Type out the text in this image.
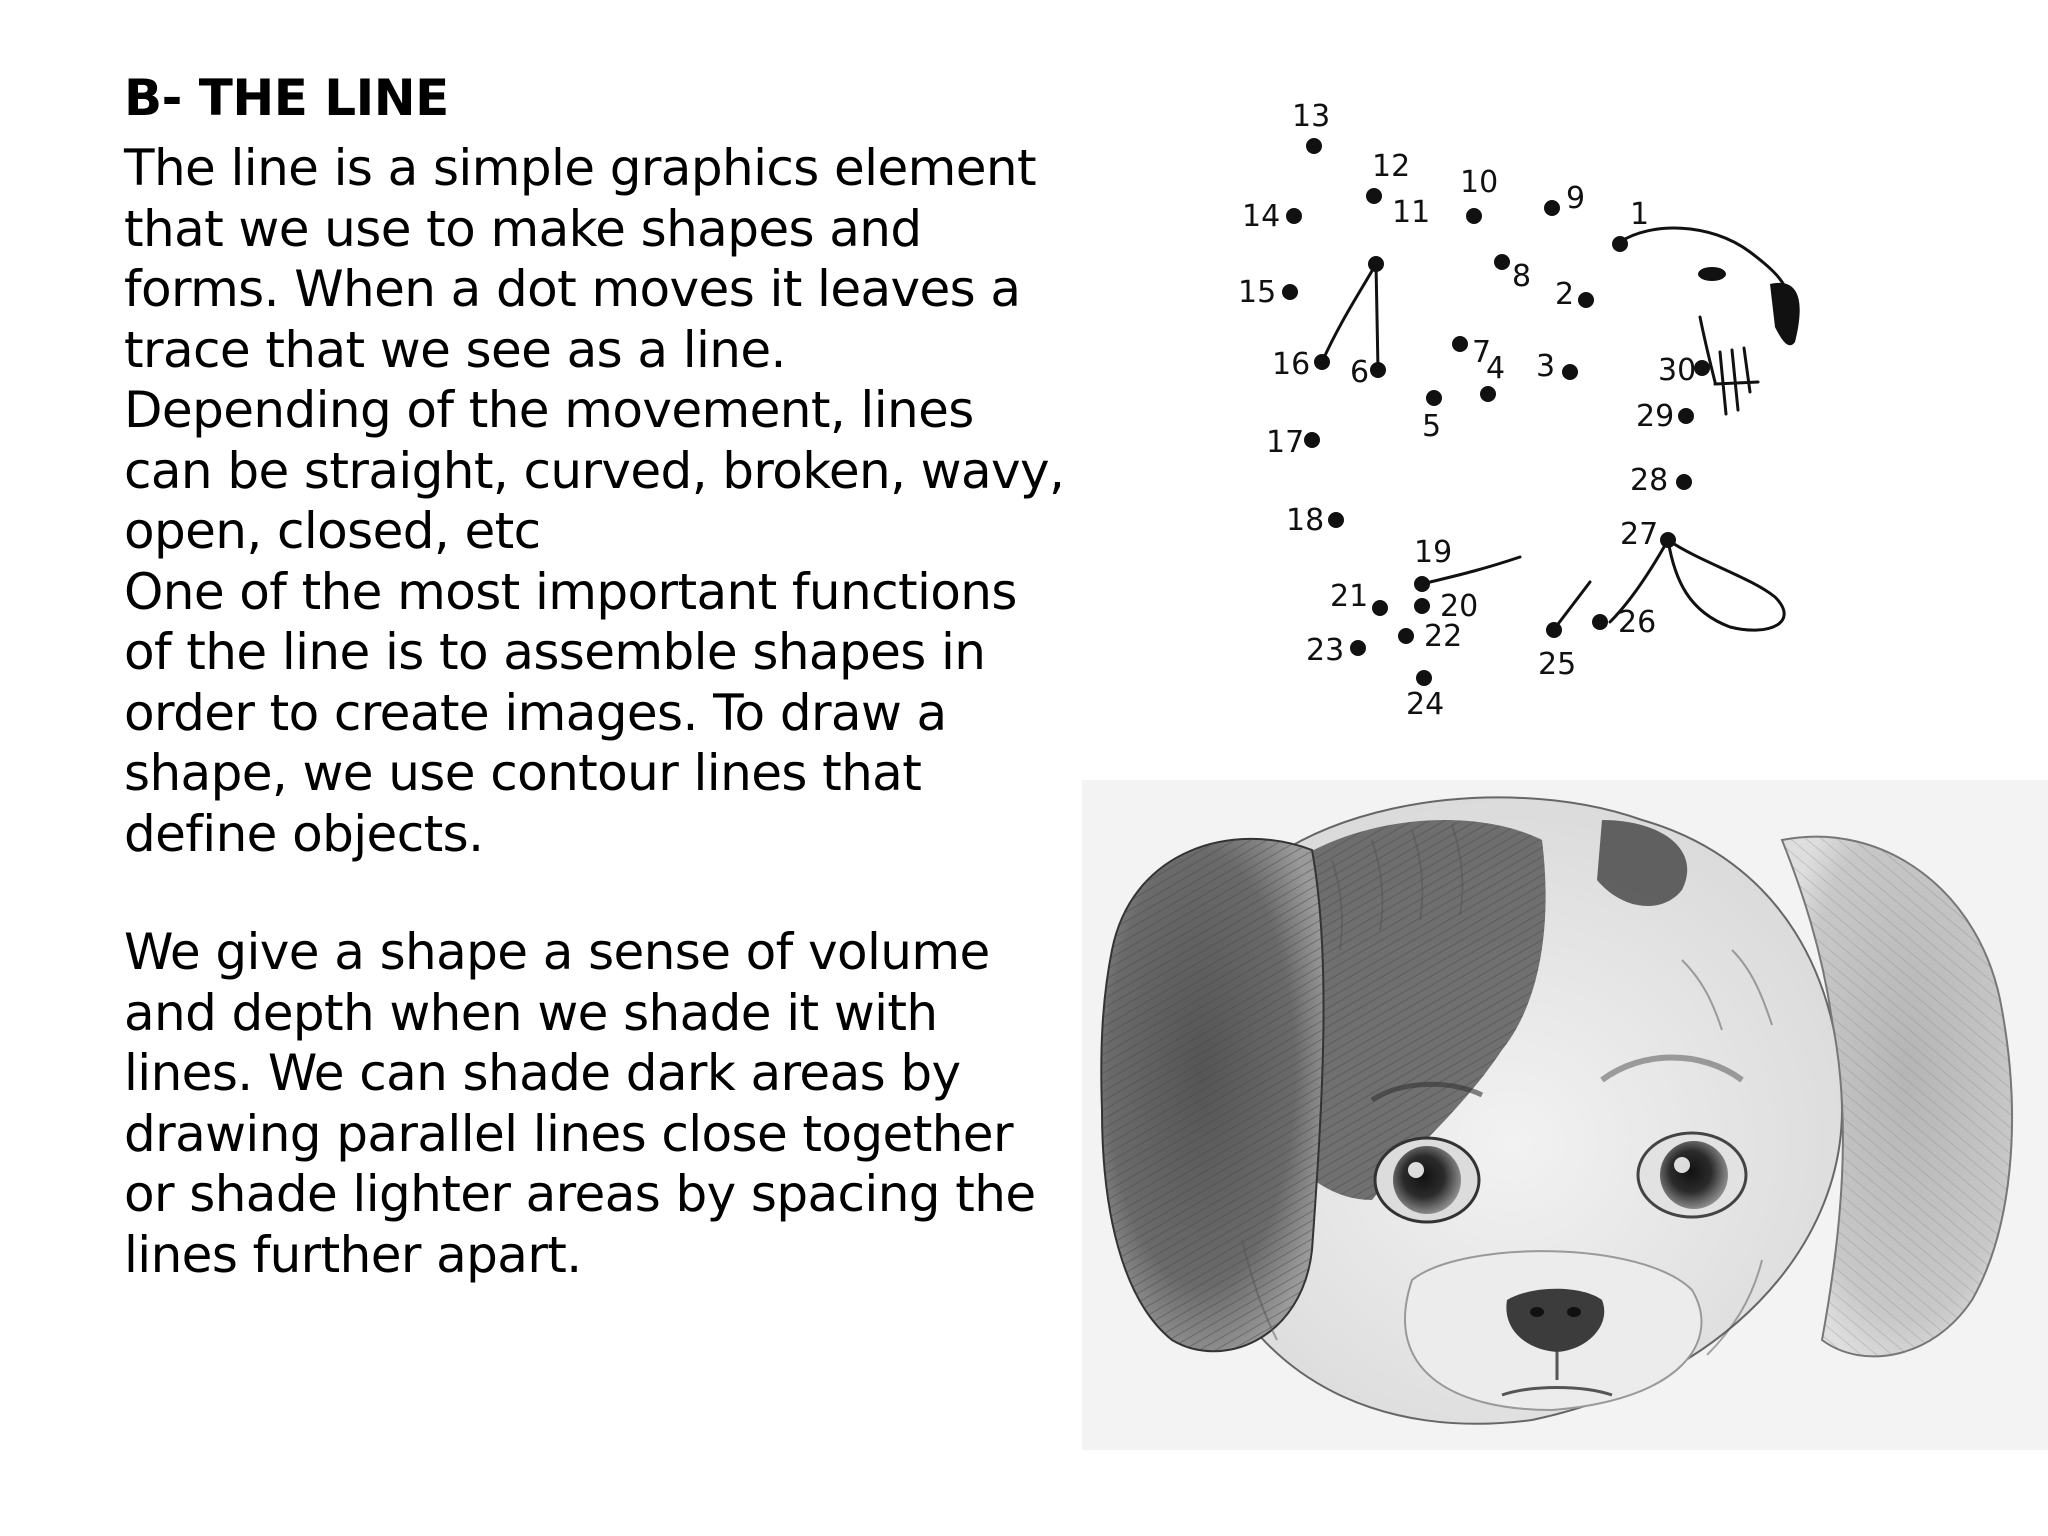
B- THE LINE

The line is a simple graphics element
that we use to make shapes and
forms. When a dot moves it leaves a
trace that we see as a line.
Depending of the movement, lines
can be straight, curved, broken, wavy,
open, closed, etc
One of the most important functions
of the line is to assemble shapes in
order to create images. To draw a
shape, we use contour lines that
define objects.

We give a shape a sense of volume
and depth when we shade it with
lines. We can shade dark areas by
drawing parallel lines close together
or shade lighter areas by spacing the
lines further apart.

1
2
3
4
5
6
7
8
9
10
11
12
13
14
15
16
17
18
19
20
21
22
23
24
25
26
27
28
29
30
